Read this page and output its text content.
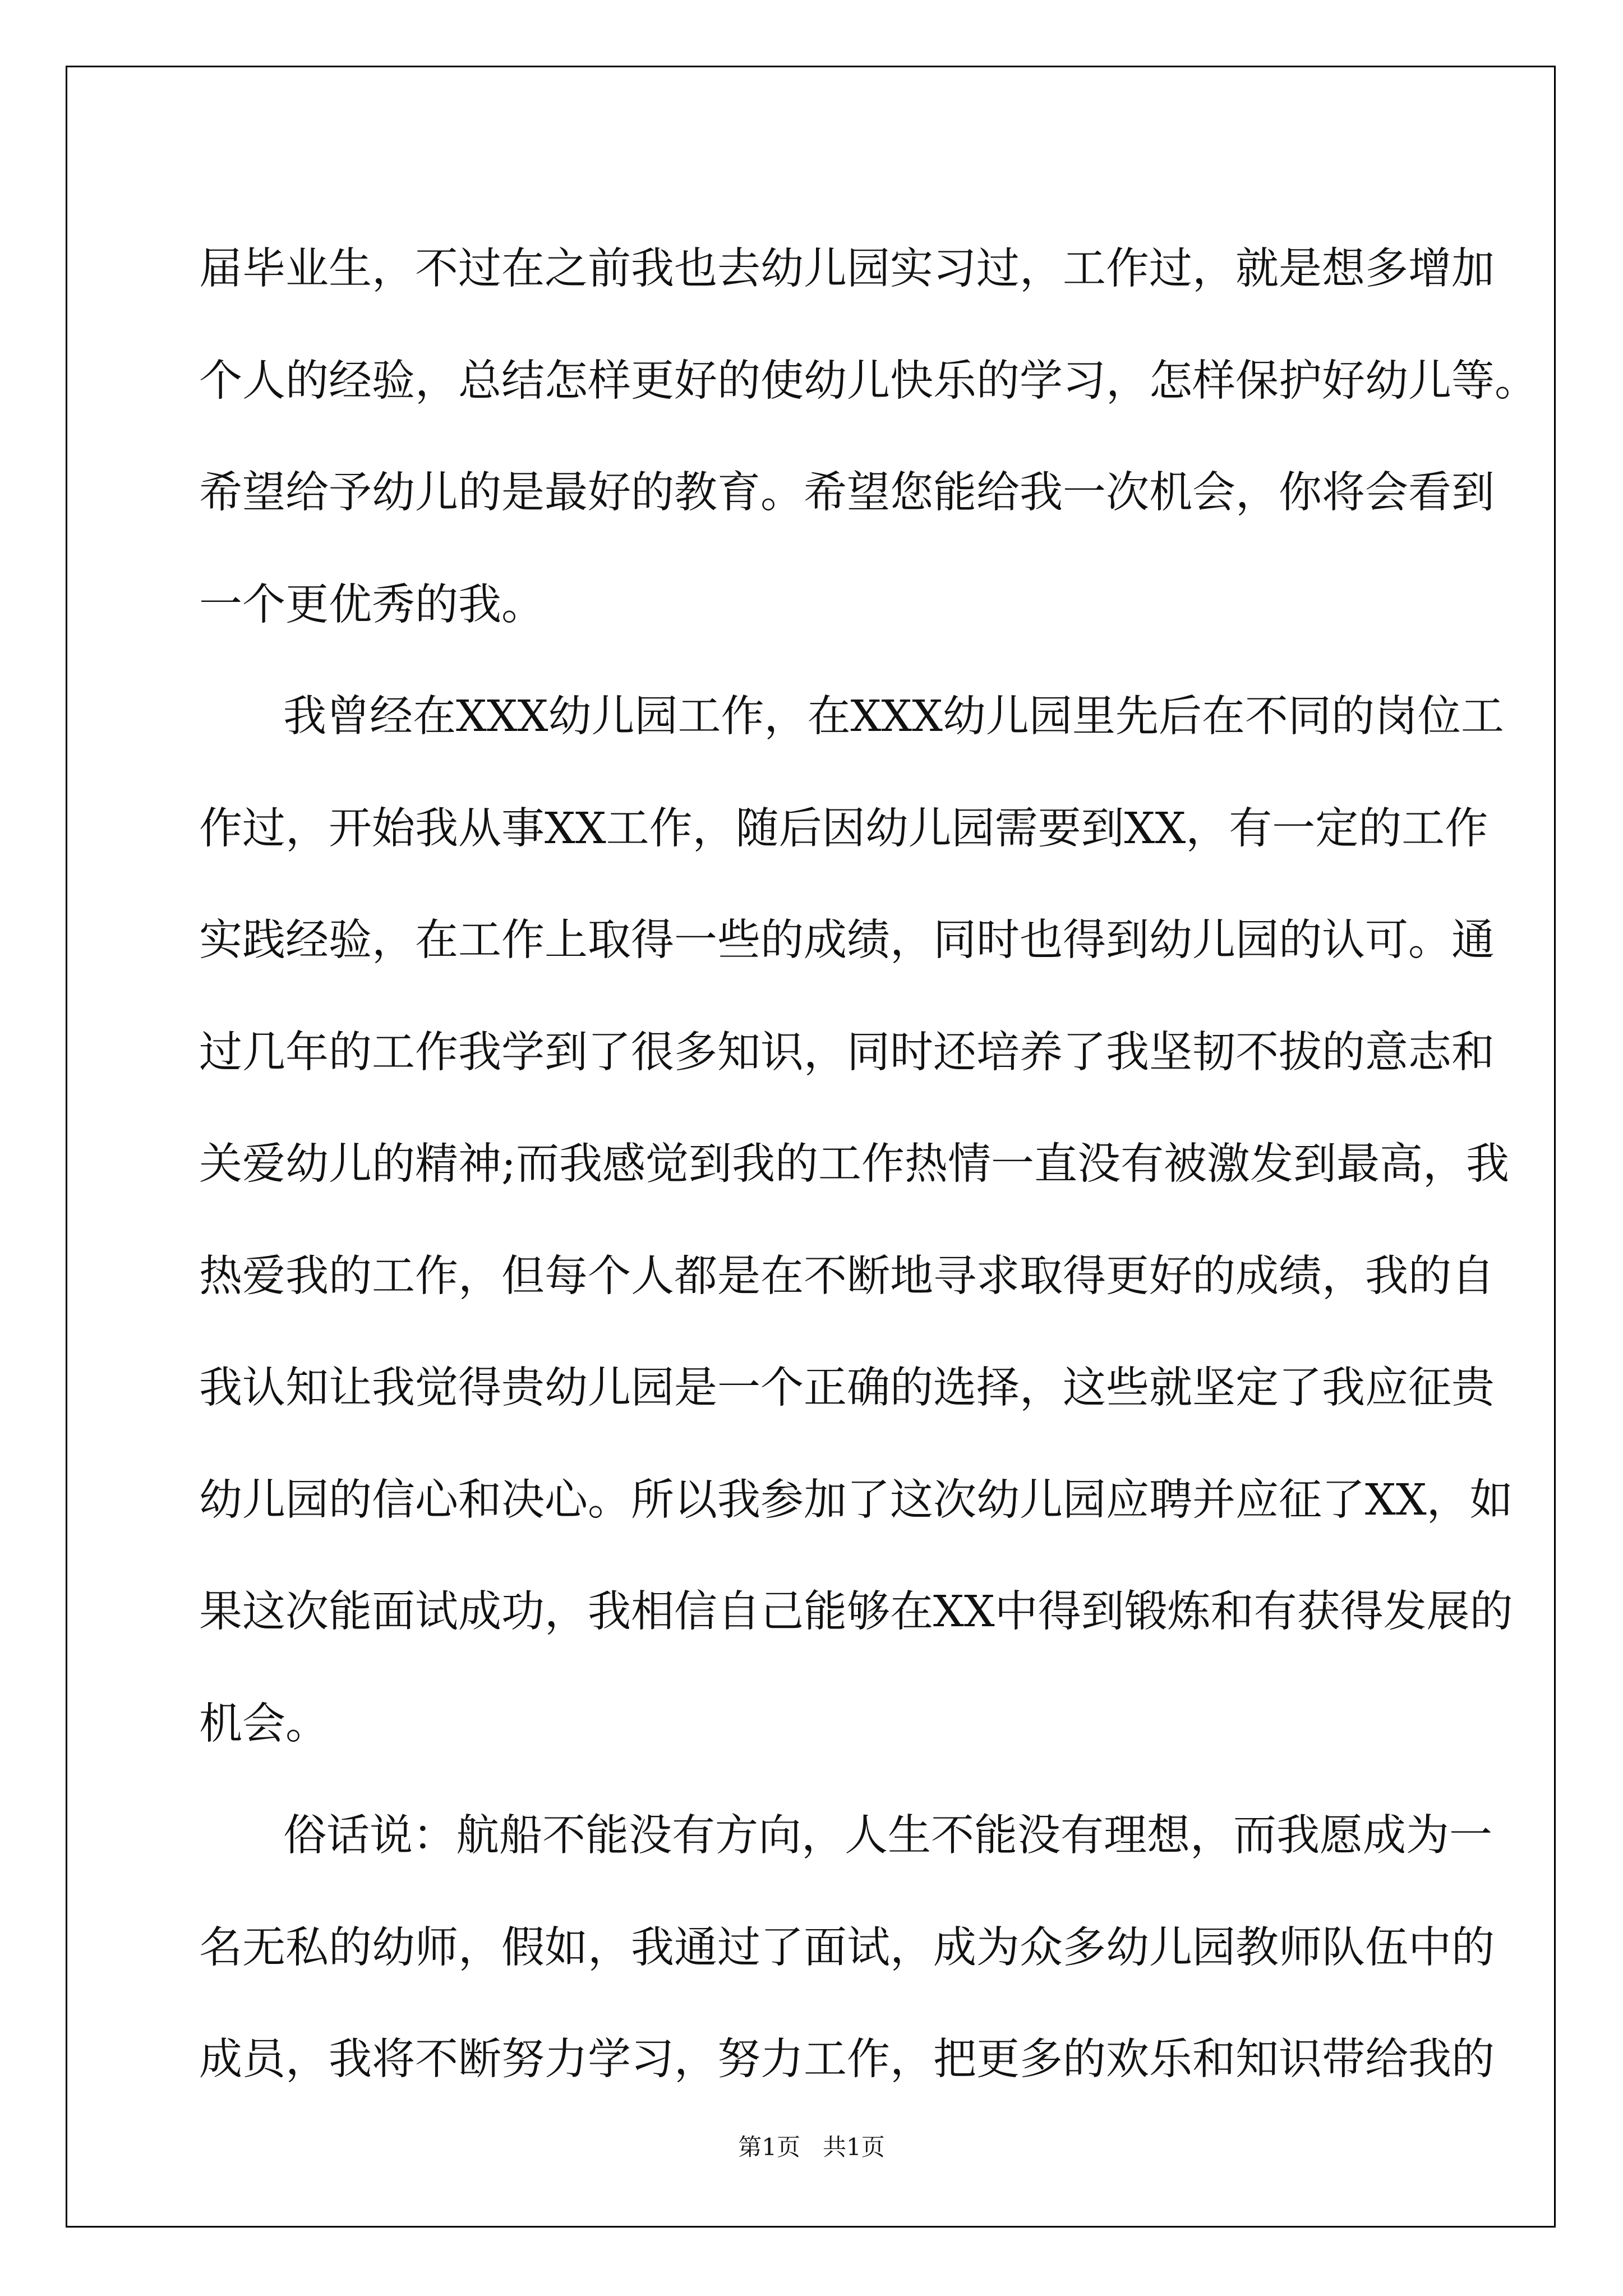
届毕业生，不过在之前我也去幼儿园实习过，工作过，就是想多增加
个人的经验，总结怎样更好的使幼儿快乐的学习，怎样保护好幼儿等。
希望给予幼儿的是最好的教育。希望您能给我一次机会，你将会看到
一个更优秀的我。
我曾经在XXX幼儿园工作，在XXX幼儿园里先后在不同的岗位工
作过，开始我从事XX工作，随后因幼儿园需要到XX，有一定的工作
实践经验，在工作上取得一些的成绩，同时也得到幼儿园的认可。通
过几年的工作我学到了很多知识，同时还培养了我坚韧不拔的意志和
关爱幼儿的精神;而我感觉到我的工作热情一直没有被激发到最高，我
热爱我的工作，但每个人都是在不断地寻求取得更好的成绩，我的自
我认知让我觉得贵幼儿园是一个正确的选择，这些就坚定了我应征贵
幼儿园的信心和决心。所以我参加了这次幼儿园应聘并应征了XX，如
果这次能面试成功，我相信自己能够在XX中得到锻炼和有获得发展的
机会。
俗话说：航船不能没有方向，人生不能没有理想，而我愿成为一
名无私的幼师，假如，我通过了面试，成为众多幼儿园教师队伍中的
成员，我将不断努力学习，努力工作，把更多的欢乐和知识带给我的
第1页 共1页
